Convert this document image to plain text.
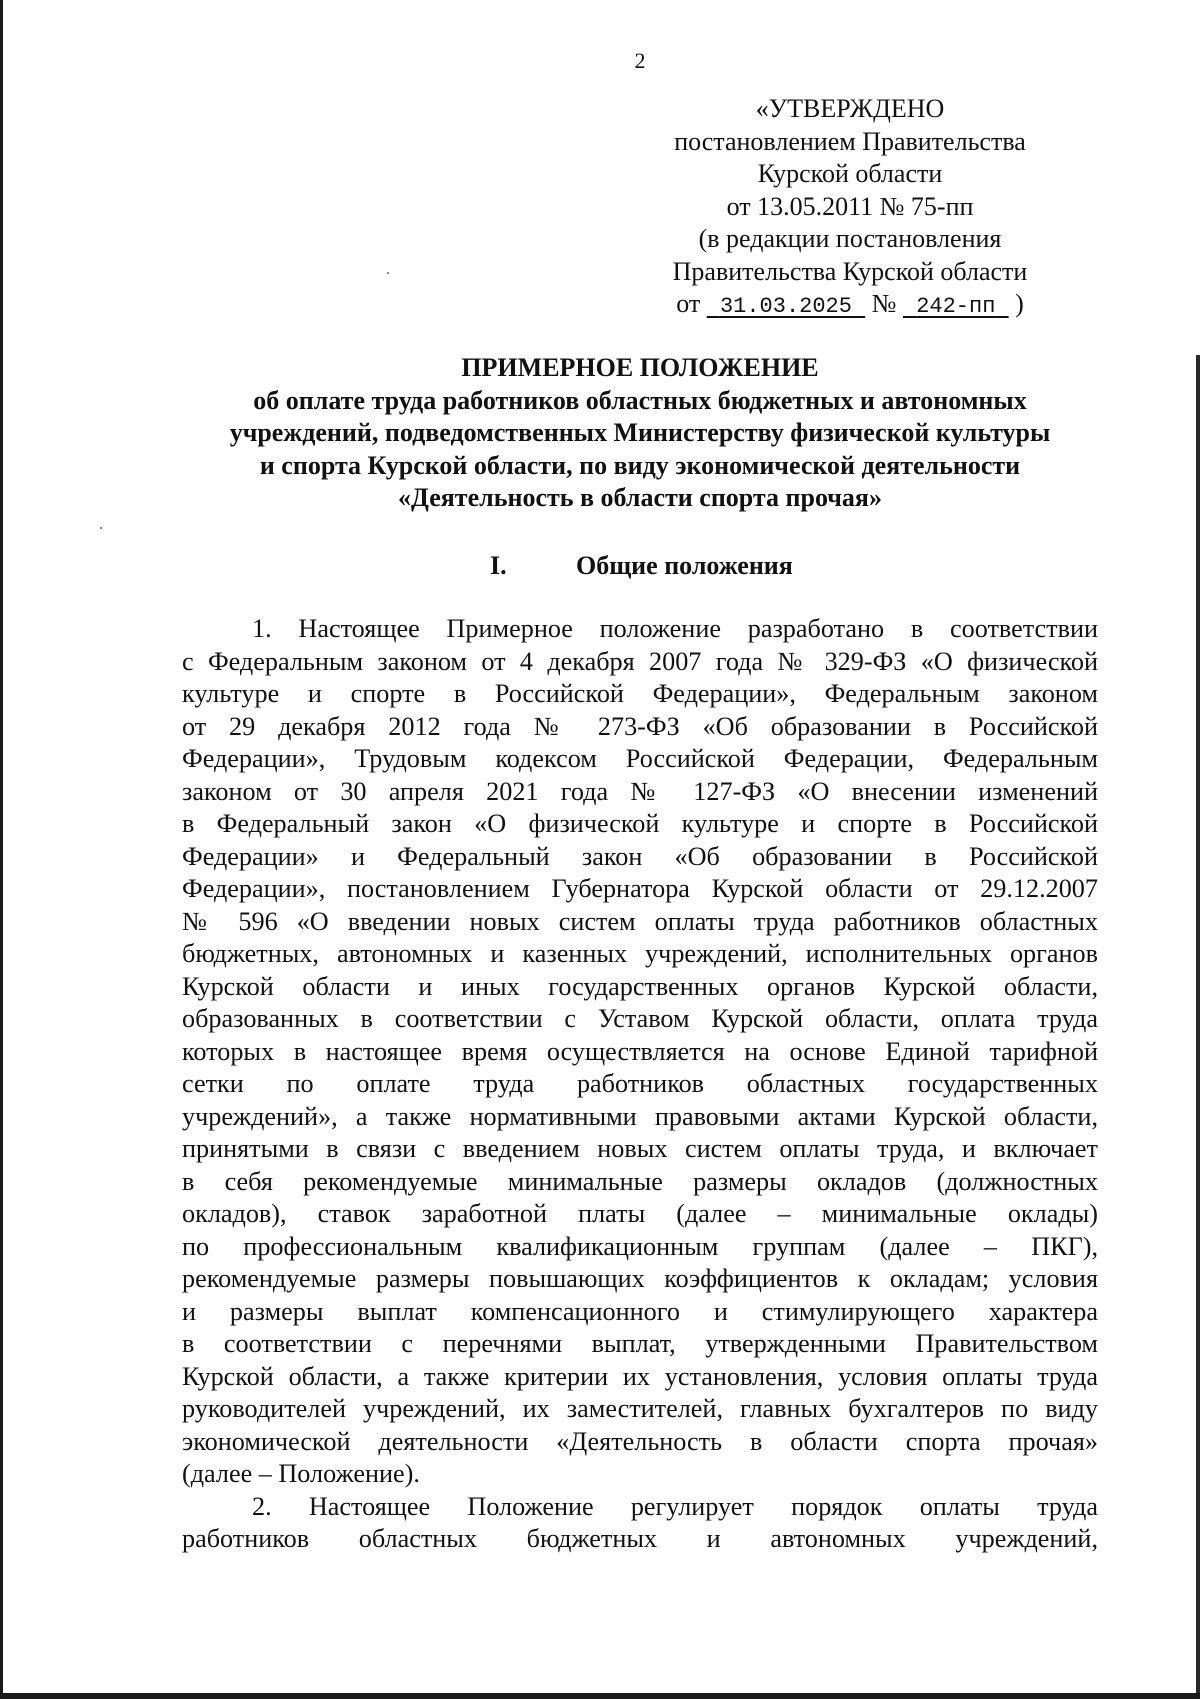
2
«УТВЕРЖДЕНО
постановлением Правительства
Курской области
от 13.05.2011 № 75-пп
(в редакции постановления
Правительства Курской области
от 31.03.2025 № 242-пп )
ПРИМЕРНОЕ ПОЛОЖЕНИЕ
об оплате труда работников областных бюджетных и автономных
учреждений, подведомственных Министерству физической культуры
и спорта Курской области, по виду экономической деятельности
«Деятельность в области спорта прочая»
I.	Общие положения
1. Настоящее Примерное положение разработано в соответствии
с Федеральным законом от 4 декабря 2007 года № 329-ФЗ «О физической
культуре и спорте в Российской Федерации», Федеральным законом
от 29 декабря 2012 года № 273-ФЗ «Об образовании в Российской
Федерации», Трудовым кодексом Российской Федерации, Федеральным
законом от 30 апреля 2021 года № 127-ФЗ «О внесении изменений
в Федеральный закон «О физической культуре и спорте в Российской
Федерации» и Федеральный закон «Об образовании в Российской
Федерации», постановлением Губернатора Курской области от 29.12.2007
№ 596 «О введении новых систем оплаты труда работников областных
бюджетных, автономных и казенных учреждений, исполнительных органов
Курской области и иных государственных органов Курской области,
образованных в соответствии с Уставом Курской области, оплата труда
которых в настоящее время осуществляется на основе Единой тарифной
сетки по оплате труда работников областных государственных
учреждений», а также нормативными правовыми актами Курской области,
принятыми в связи с введением новых систем оплаты труда, и включает
в себя рекомендуемые минимальные размеры окладов (должностных
окладов), ставок заработной платы (далее – минимальные оклады)
по профессиональным квалификационным группам (далее – ПКГ),
рекомендуемые размеры повышающих коэффициентов к окладам; условия
и размеры выплат компенсационного и стимулирующего характера
в соответствии с перечнями выплат, утвержденными Правительством
Курской области, а также критерии их установления, условия оплаты труда
руководителей учреждений, их заместителей, главных бухгалтеров по виду
экономической деятельности «Деятельность в области спорта прочая»
(далее – Положение).
2. Настоящее Положение регулирует порядок оплаты труда
работников областных бюджетных и автономных учреждений,
